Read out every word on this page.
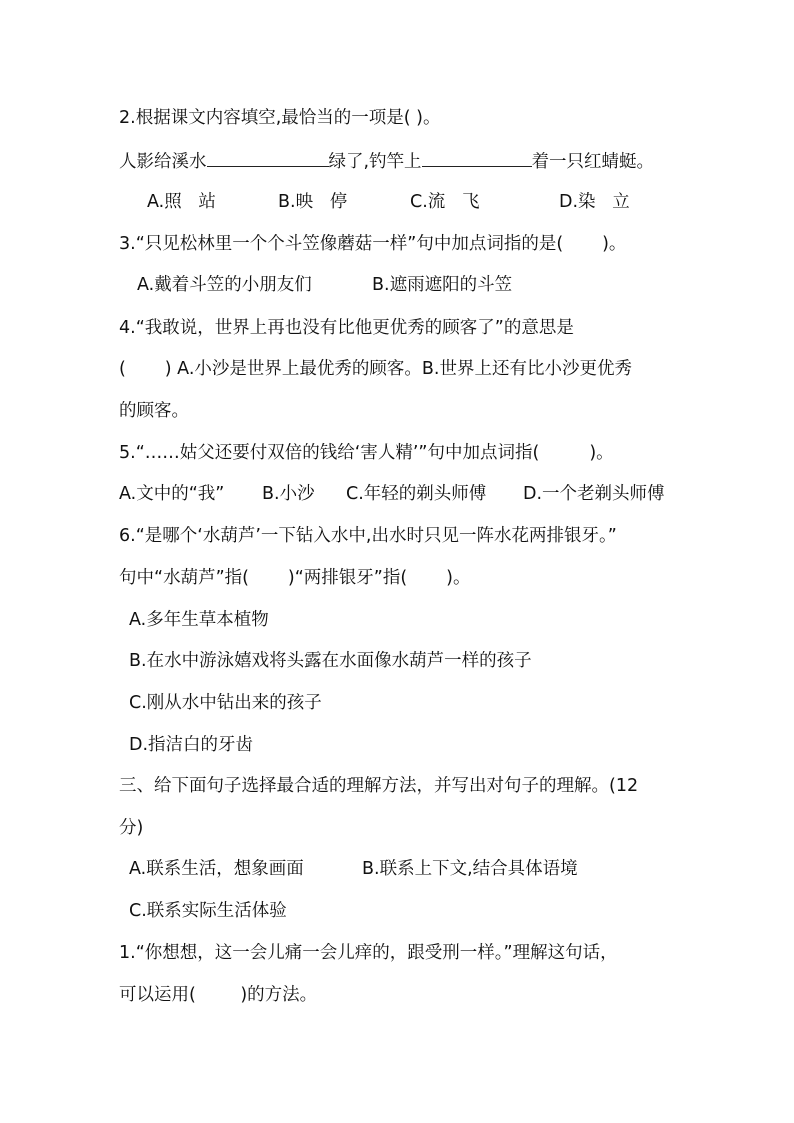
2.根据课文内容填空,最恰当的一项是( )。
人影给溪水	绿了,钓竿上	着一只红蜻蜓。
A.照   站	B.映   停	C.流   飞	D.染   立
3.“只见松林里一个个斗笠像蘑菇一样”句中加点词指的是(       )。
A.戴着斗笠的小朋友们	B.遮雨遮阳的斗笠
4.“我敢说，世界上再也没有比他更优秀的顾客了”的意思是
(       ) A.小沙是世界上最优秀的顾客。B.世界上还有比小沙更优秀
的顾客。
5.“……姑父还要付双倍的钱给‘害人精’”句中加点词指(         )。
A.文中的“我” B.小沙 C.年轻的剃头师傅 D.一个老剃头师傅
6.“是哪个‘水葫芦’一下钻入水中,出水时只见一阵水花两排银牙。”
句中“水葫芦”指(       )“两排银牙”指(       )。
A.多年生草本植物
B.在水中游泳嬉戏将头露在水面像水葫芦一样的孩子
C.刚从水中钻出来的孩子
D.指洁白的牙齿
三、给下面句子选择最合适的理解方法，并写出对句子的理解。(12
分)
A.联系生活，想象画面	B.联系上下文,结合具体语境
C.联系实际生活体验
1.“你想想，这一会儿痛一会儿痒的，跟受刑一样。”理解这句话，
可以运用(        )的方法。
